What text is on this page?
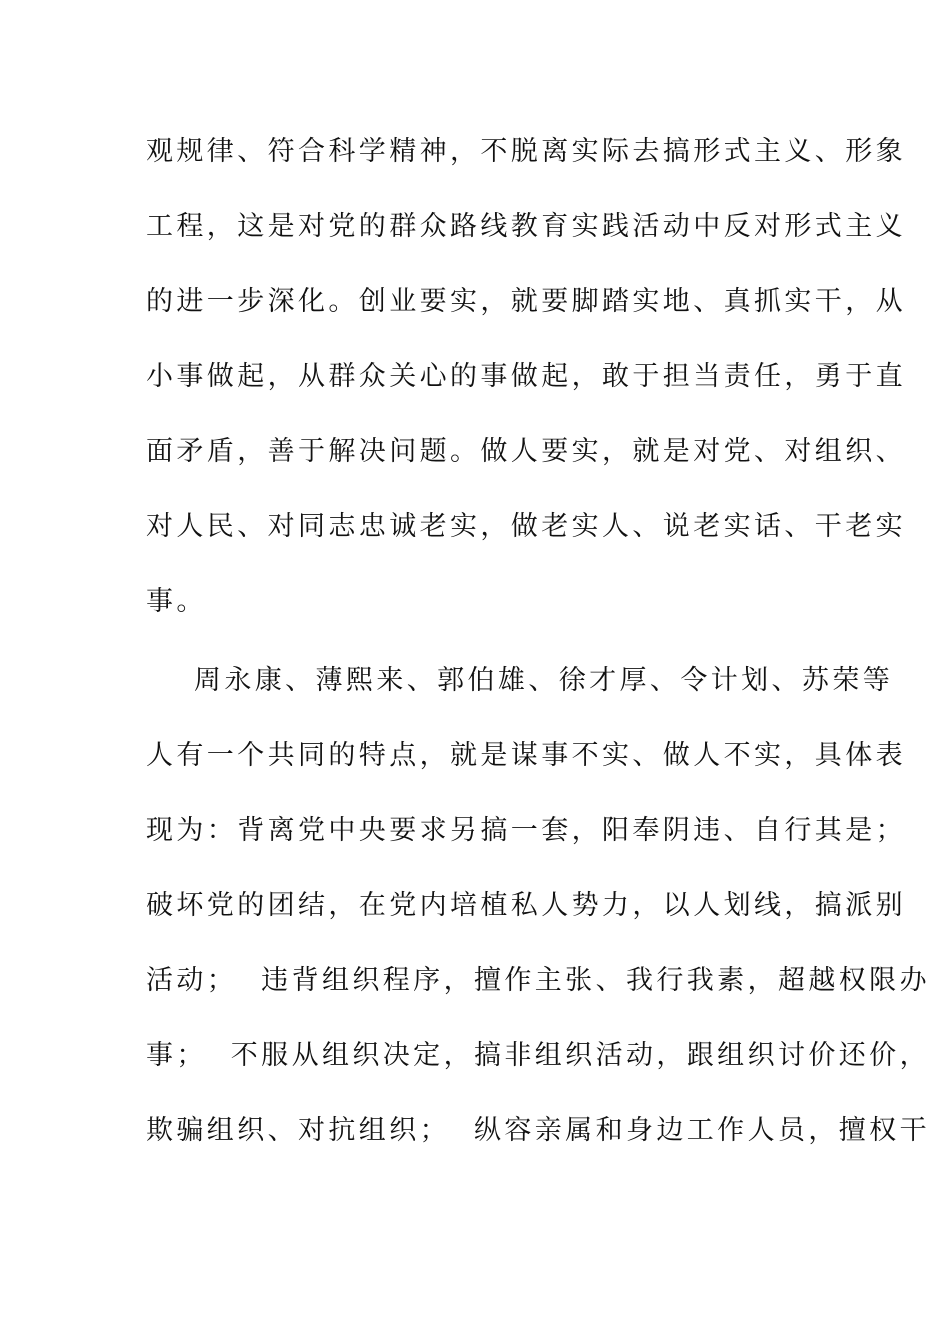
观规律、符合科学精神，不脱离实际去搞形式主义、形象
工程，这是对党的群众路线教育实践活动中反对形式主义
的进一步深化。创业要实，就要脚踏实地、真抓实干，从
小事做起，从群众关心的事做起，敢于担当责任，勇于直
面矛盾，善于解决问题。做人要实，就是对党、对组织、
对人民、对同志忠诚老实，做老实人、说老实话、干老实
事。
周永康、薄熙来、郭伯雄、徐才厚、令计划、苏荣等
人有一个共同的特点，就是谋事不实、做人不实，具体表
现为：背离党中央要求另搞一套，阳奉阴违、自行其是；
破坏党的团结，在党内培植私人势力，以人划线，搞派别
活动；  违背组织程序，擅作主张、我行我素，超越权限办
事；  不服从组织决定，搞非组织活动，跟组织讨价还价，
欺骗组织、对抗组织；  纵容亲属和身边工作人员，擅权干
